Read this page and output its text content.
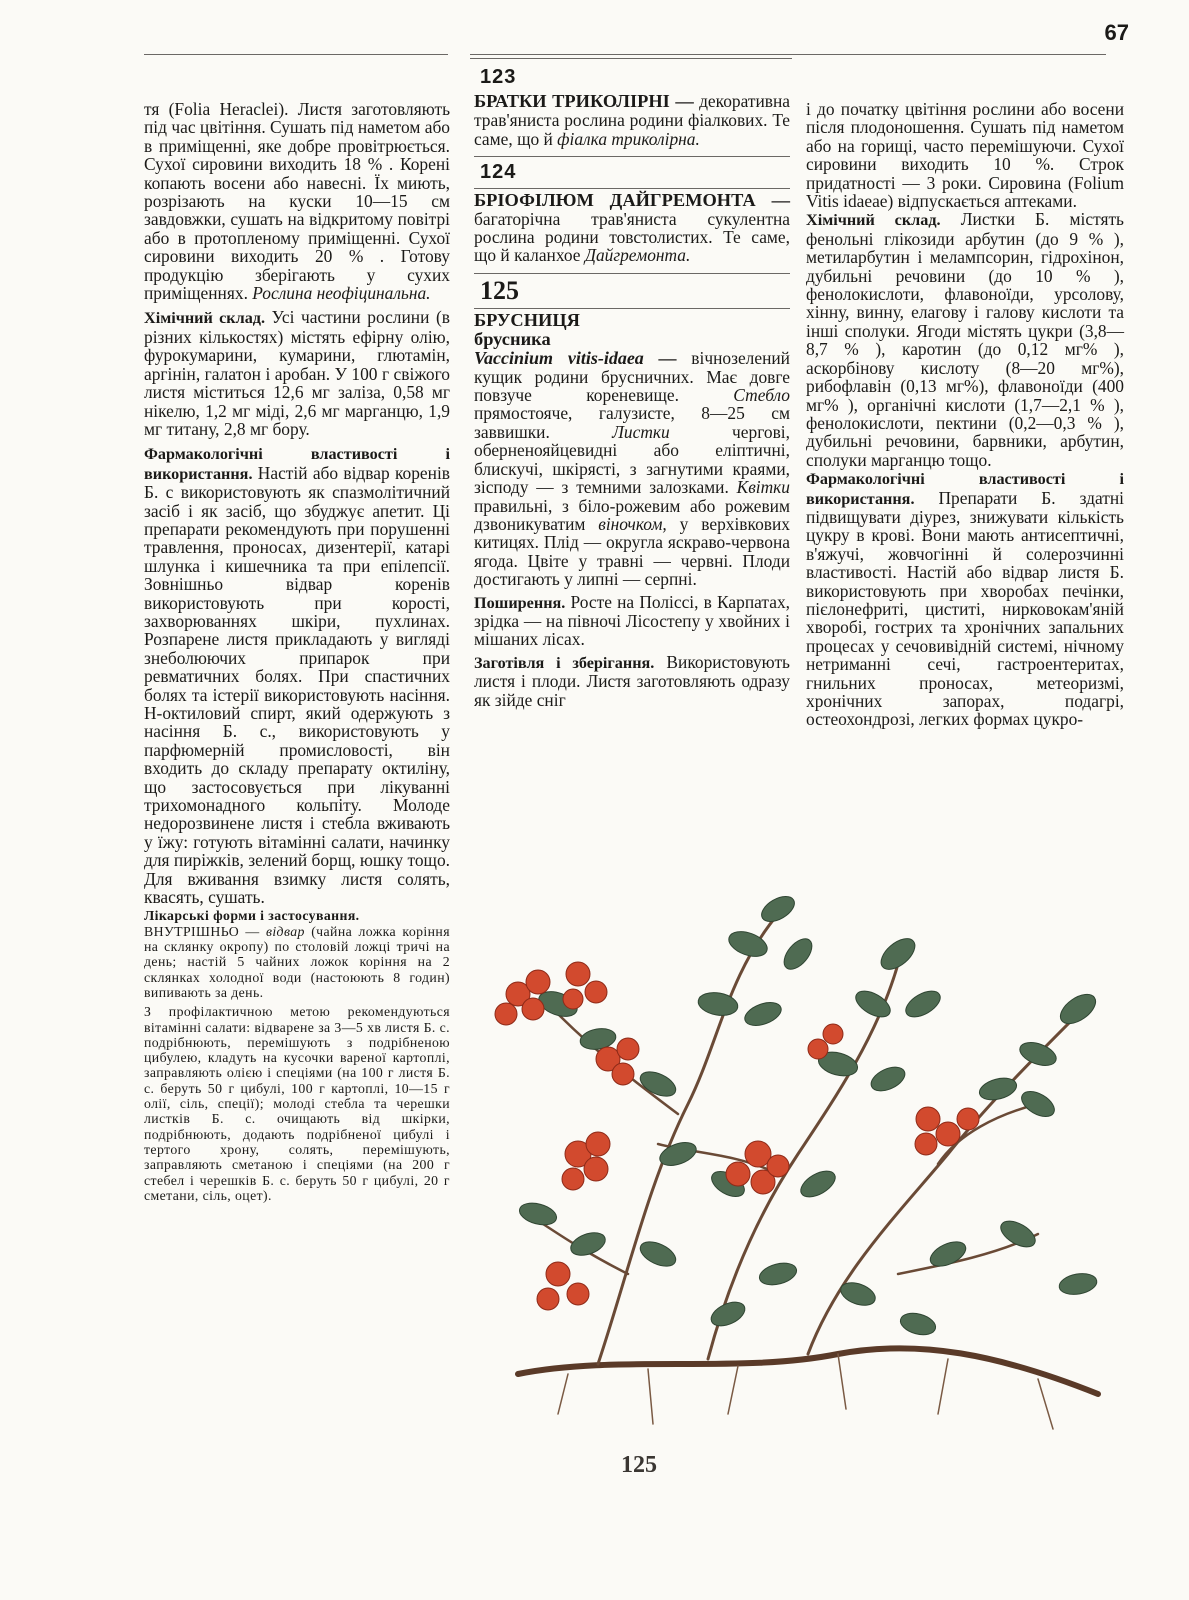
67

тя (Folia Heraclei). Листя заготовляють під час цвітіння. Сушать під наметом або в приміщенні, яке добре провітрюється. Сухої сировини виходить 18 % . Корені копають восени або навесні. Їх миють, розрізають на куски 10—15 см завдовжки, сушать на відкритому повітрі або в протопленому приміщенні. Сухої сировини виходить 20 % . Готову продукцію зберігають у сухих приміщеннях. Рослина неофіцинальна.

Хімічний склад. Усі частини рослини (в різних кількостях) містять ефірну олію, фурокумарини, кумарини, глютамін, аргінін, галатон і аробан. У 100 г свіжого листя міститься 12,6 мг заліза, 0,58 мг нікелю, 1,2 мг міді, 2,6 мг марганцю, 1,9 мг титану, 2,8 мг бору.

Фармакологічні властивості і використання. Настій або відвар коренів Б. с використовують як спазмолітичний засіб і як засіб, що збуджує апетит. Ці препарати рекомендують при порушенні травлення, проносах, дизентерії, катарі шлунка і кишечника та при епілепсії. Зовнішньо відвар коренів використовують при короcті, захворюваннях шкіри, пухлинах. Розпарене листя прикладають у вигляді знеболюючих припарок при ревматичних болях. При спастичних болях та істерії використовують насіння. Н-октиловий спирт, який одержують з насіння Б. с., використовують у парфюмерній промисловості, він входить до складу препарату октиліну, що застосовується при лікуванні трихомонадного кольпіту. Молоде недорозвинене листя і стебла вживають у їжу: готують вітамінні салати, начинку для пиріжків, зелений борщ, юшку тощо. Для вживання взимку листя солять, квасять, сушать.

Лікарські форми і застосування.

ВНУТРІШНЬО — відвар (чайна ложка коріння на склянку окропу) по столовій ложці тричі на день; настій 5 чайних ложок коріння на 2 склянках холодної води (настоюють 8 годин) випивають за день.

З профілактичною метою рекомендуються вітамінні салати: відварене за 3—5 хв листя Б. с. подрібнюють, перемішують з подрібненою цибулею, кладуть на кусочки вареної картоплі, заправляють олією і спеціями (на 100 г листя Б. с. беруть 50 г цибулі, 100 г картоплі, 10—15 г олії, сіль, спеції); молоді стебла та черешки листків Б. с. очищають від шкірки, подрібнюють, додають подрібненої цибулі і тертого хрону, солять, перемішують, заправляють сметаною і спеціями (на 200 г стебел і черешків Б. с. беруть 50 г цибулі, 20 г сметани, сіль, оцет).

123

БРАТКИ ТРИКОЛІРНІ — декоративна трав'яниста рослина родини фіалкових. Те саме, що й фіалка триколірна.

124

БРІОФІЛЮМ ДАЙГРЕМОНТА — багаторічна трав'яниста сукулентна рослина родини товстолистих. Те саме, що й каланхое Дайгремонта.

125

БРУСНИЦЯ
брусника
Vaccinium vitis-idaea — вічнозелений кущик родини брусничних. Має довге повзуче кореневище.	Стебло прямостояче, галузисте, 8—25 см заввишки.	Листки	чергові, оберненояйцевидні або еліптичні, блискучі, шкірясті, з загнутими краями, зісподу — з темними залозками. Квітки правильні, з біло-рожевим або рожевим дзвоникуватим віночком, у верхівкових китицях. Плід — округла яскраво-червона ягода. Цвіте у травні — червні. Плоди достигають у липні — серпні.

Поширення. Росте на Поліссі, в Карпатах, зрідка — на півночі Лісостепу у хвойних і мішаних лісах.

Заготівля і зберігання. Використовують листя і плоди. Листя заготовляють одразу як зійде сніг

і до початку цвітіння рослини або восени після плодоношення. Сушать під наметом або на горищі, часто перемішуючи. Сухої сировини виходить 10 %. Строк придатності — 3 роки. Сировина (Folium Vitis idaeae) відпускається аптеками.

Хімічний склад. Листки Б. містять фенольні глікозиди арбутин (до 9 % ), метиларбутин і мелампсорин, гідрохінон, дубильні речовини (до 10 % ), фенолокислоти, флавоноїди, урсолову, хінну, винну, елагову і галову кислоти та інші сполуки. Ягоди містять цукри (3,8—8,7 % ), каротин (до 0,12 мг% ), аскорбінову кислоту (8—20 мг%), рибофлавін (0,13 мг%), флавоноїди (400 мг% ), органічні кислоти (1,7—2,1 % ), фенолокислоти, пектини (0,2—0,3 % ), дубильні речовини, барвники, арбутин, сполуки марганцю тощо.

Фармакологічні властивості і використання. Препарати Б. здатні підвищувати діурез, знижувати кількість цукру в крові. Вони мають антисептичні, в'яжучі, жовчогінні й солерозчинні властивості. Настій або відвар листя Б. використовують при хворобах печінки, пієлонефриті, циститі, нирковокам'яній хворобі, гострих та хронічних запальних процесах у сечовивідній системі, нічному нетриманні сечі, гастроентеритах, гнильних проносах, метеоризмі, хронічних запорах, подагрі, остеохондрозі, легких формах цукро-

125
